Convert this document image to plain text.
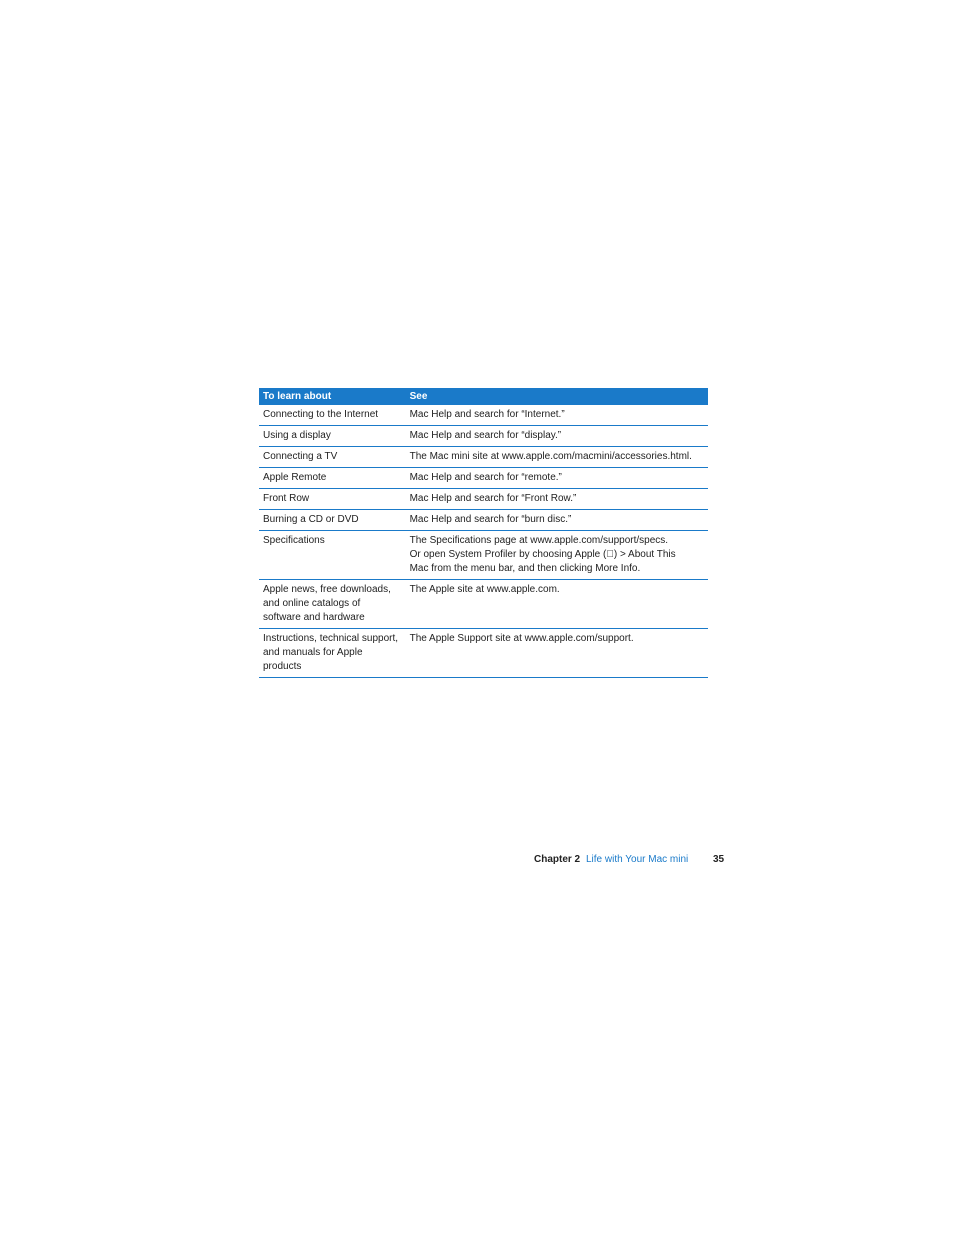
To learn about	See
Connecting to the Internet	Mac Help and search for “Internet.”
Using a display	Mac Help and search for “display.”
Connecting a TV	The Mac mini site at www.apple.com/macmini/accessories.html.
Apple Remote	Mac Help and search for “remote.”
Front Row	Mac Help and search for “Front Row.”
Burning a CD or DVD	Mac Help and search for “burn disc.”
Specifications	The Specifications page at www.apple.com/support/specs.
Or open System Profiler by choosing Apple ( ) > About This
Mac from the menu bar, and then clicking More Info.
Apple news, free downloads,
and online catalogs of
software and hardware	The Apple site at www.apple.com.
Instructions, technical support,
and manuals for Apple
products	The Apple Support site at www.apple.com/support.
Chapter 2 Life with Your Mac mini 35
